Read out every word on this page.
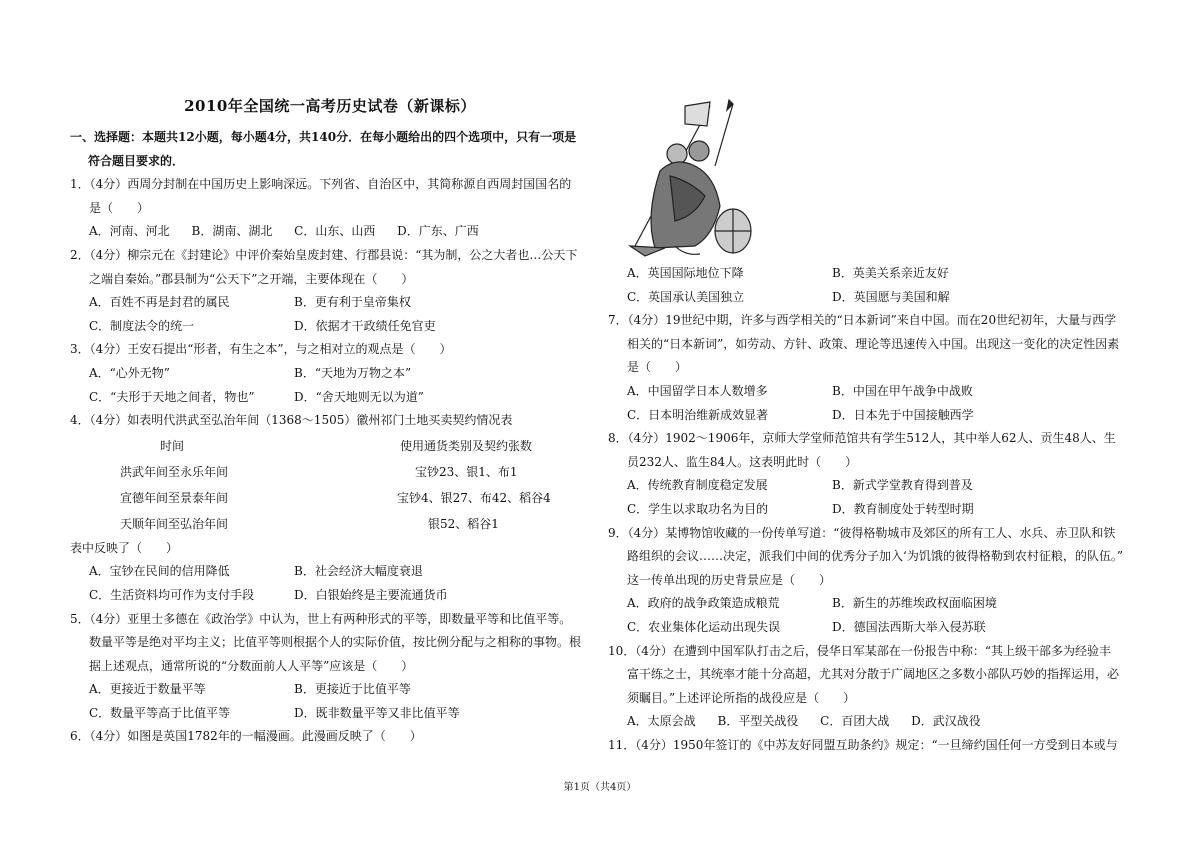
2010年全国统一高考历史试卷（新课标）
一、选择题：本题共12小题，每小题4分，共140分．在每小题给出的四个选项中，只有一项是
符合题目要求的．
1．（4分）西周分封制在中国历史上影响深远。下列省、自治区中，其简称源自西周封国国名的
是（　　）
A．河南、河北 B．湖南、湖北 C．山东、山西 D．广东、广西
2．（4分）柳宗元在《封建论》中评价秦始皇废封建、行郡县说：“其为制，公之大者也…公天下
之端自秦始。”郡县制为“公天下”之开端，主要体现在（　　）
A．百姓不再是封君的属民	B．更有利于皇帝集权
C．制度法令的统一	D．依据才干政绩任免官吏
3．（4分）王安石提出“形者，有生之本”，与之相对立的观点是（　　）
A．“心外无物”	B．“天地为万物之本”
C．“夫形于天地之间者，物也”	D．“舍天地则无以为道”
4．（4分）如表明代洪武至弘治年间（1368～1505）徽州祁门土地买卖契约情况表
时间	使用通货类别及契约张数
洪武年间至永乐年间	宝钞23、银1、布1
宣德年间至景泰年间	宝钞4、银27、布42、稻谷4
天顺年间至弘治年间	银52、稻谷1
表中反映了（　　）
A．宝钞在民间的信用降低	B．社会经济大幅度衰退
C．生活资料均可作为支付手段	D．白银始终是主要流通货币
5．（4分）亚里士多德在《政治学》中认为，世上有两种形式的平等，即数量平等和比值平等。
数量平等是绝对平均主义；比值平等则根据个人的实际价值，按比例分配与之相称的事物。根
据上述观点，通常所说的“分数面前人人平等”应该是（　　）
A．更接近于数量平等	B．更接近于比值平等
C．数量平等高于比值平等	D．既非数量平等又非比值平等
6．（4分）如图是英国1782年的一幅漫画。此漫画反映了（　　）
A．英国国际地位下降	B．英美关系亲近友好
C．英国承认美国独立	D．英国愿与美国和解
7．（4分）19世纪中期，许多与西学相关的“日本新词”来自中国。而在20世纪初年，大量与西学
相关的“日本新词”，如劳动、方针、政策、理论等迅速传入中国。出现这一变化的决定性因素
是（　　）
A．中国留学日本人数增多	B．中国在甲午战争中战败
C．日本明治维新成效显著	D．日本先于中国接触西学
8．（4分）1902～1906年，京师大学堂师范馆共有学生512人，其中举人62人、贡生48人、生
员232人、监生84人。这表明此时（　　）
A．传统教育制度稳定发展	B．新式学堂教育得到普及
C．学生以求取功名为目的	D．教育制度处于转型时期
9．（4分）某博物馆收藏的一份传单写道：“彼得格勒城市及郊区的所有工人、水兵、赤卫队和铁
路组织的会议……决定，派我们中间的优秀分子加入‘为饥饿的彼得格勒到农村征粮，的队伍。”
这一传单出现的历史背景应是（　　）
A．政府的战争政策造成粮荒	B．新生的苏维埃政权面临困境
C．农业集体化运动出现失误	D．德国法西斯大举入侵苏联
10．（4分）在遭到中国军队打击之后，侵华日军某部在一份报告中称：“其上级干部多为经验丰
富干练之士，其统率才能十分高超，尤其对分散于广阔地区之多数小部队巧妙的指挥运用，必
须瞩目。”上述评论所指的战役应是（　　）
A．太原会战 B．平型关战役 C．百团大战 D．武汉战役
11．（4分）1950年签订的《中苏友好同盟互助条约》规定：“一旦缔约国任何一方受到日本或与
第1页（共4页）
